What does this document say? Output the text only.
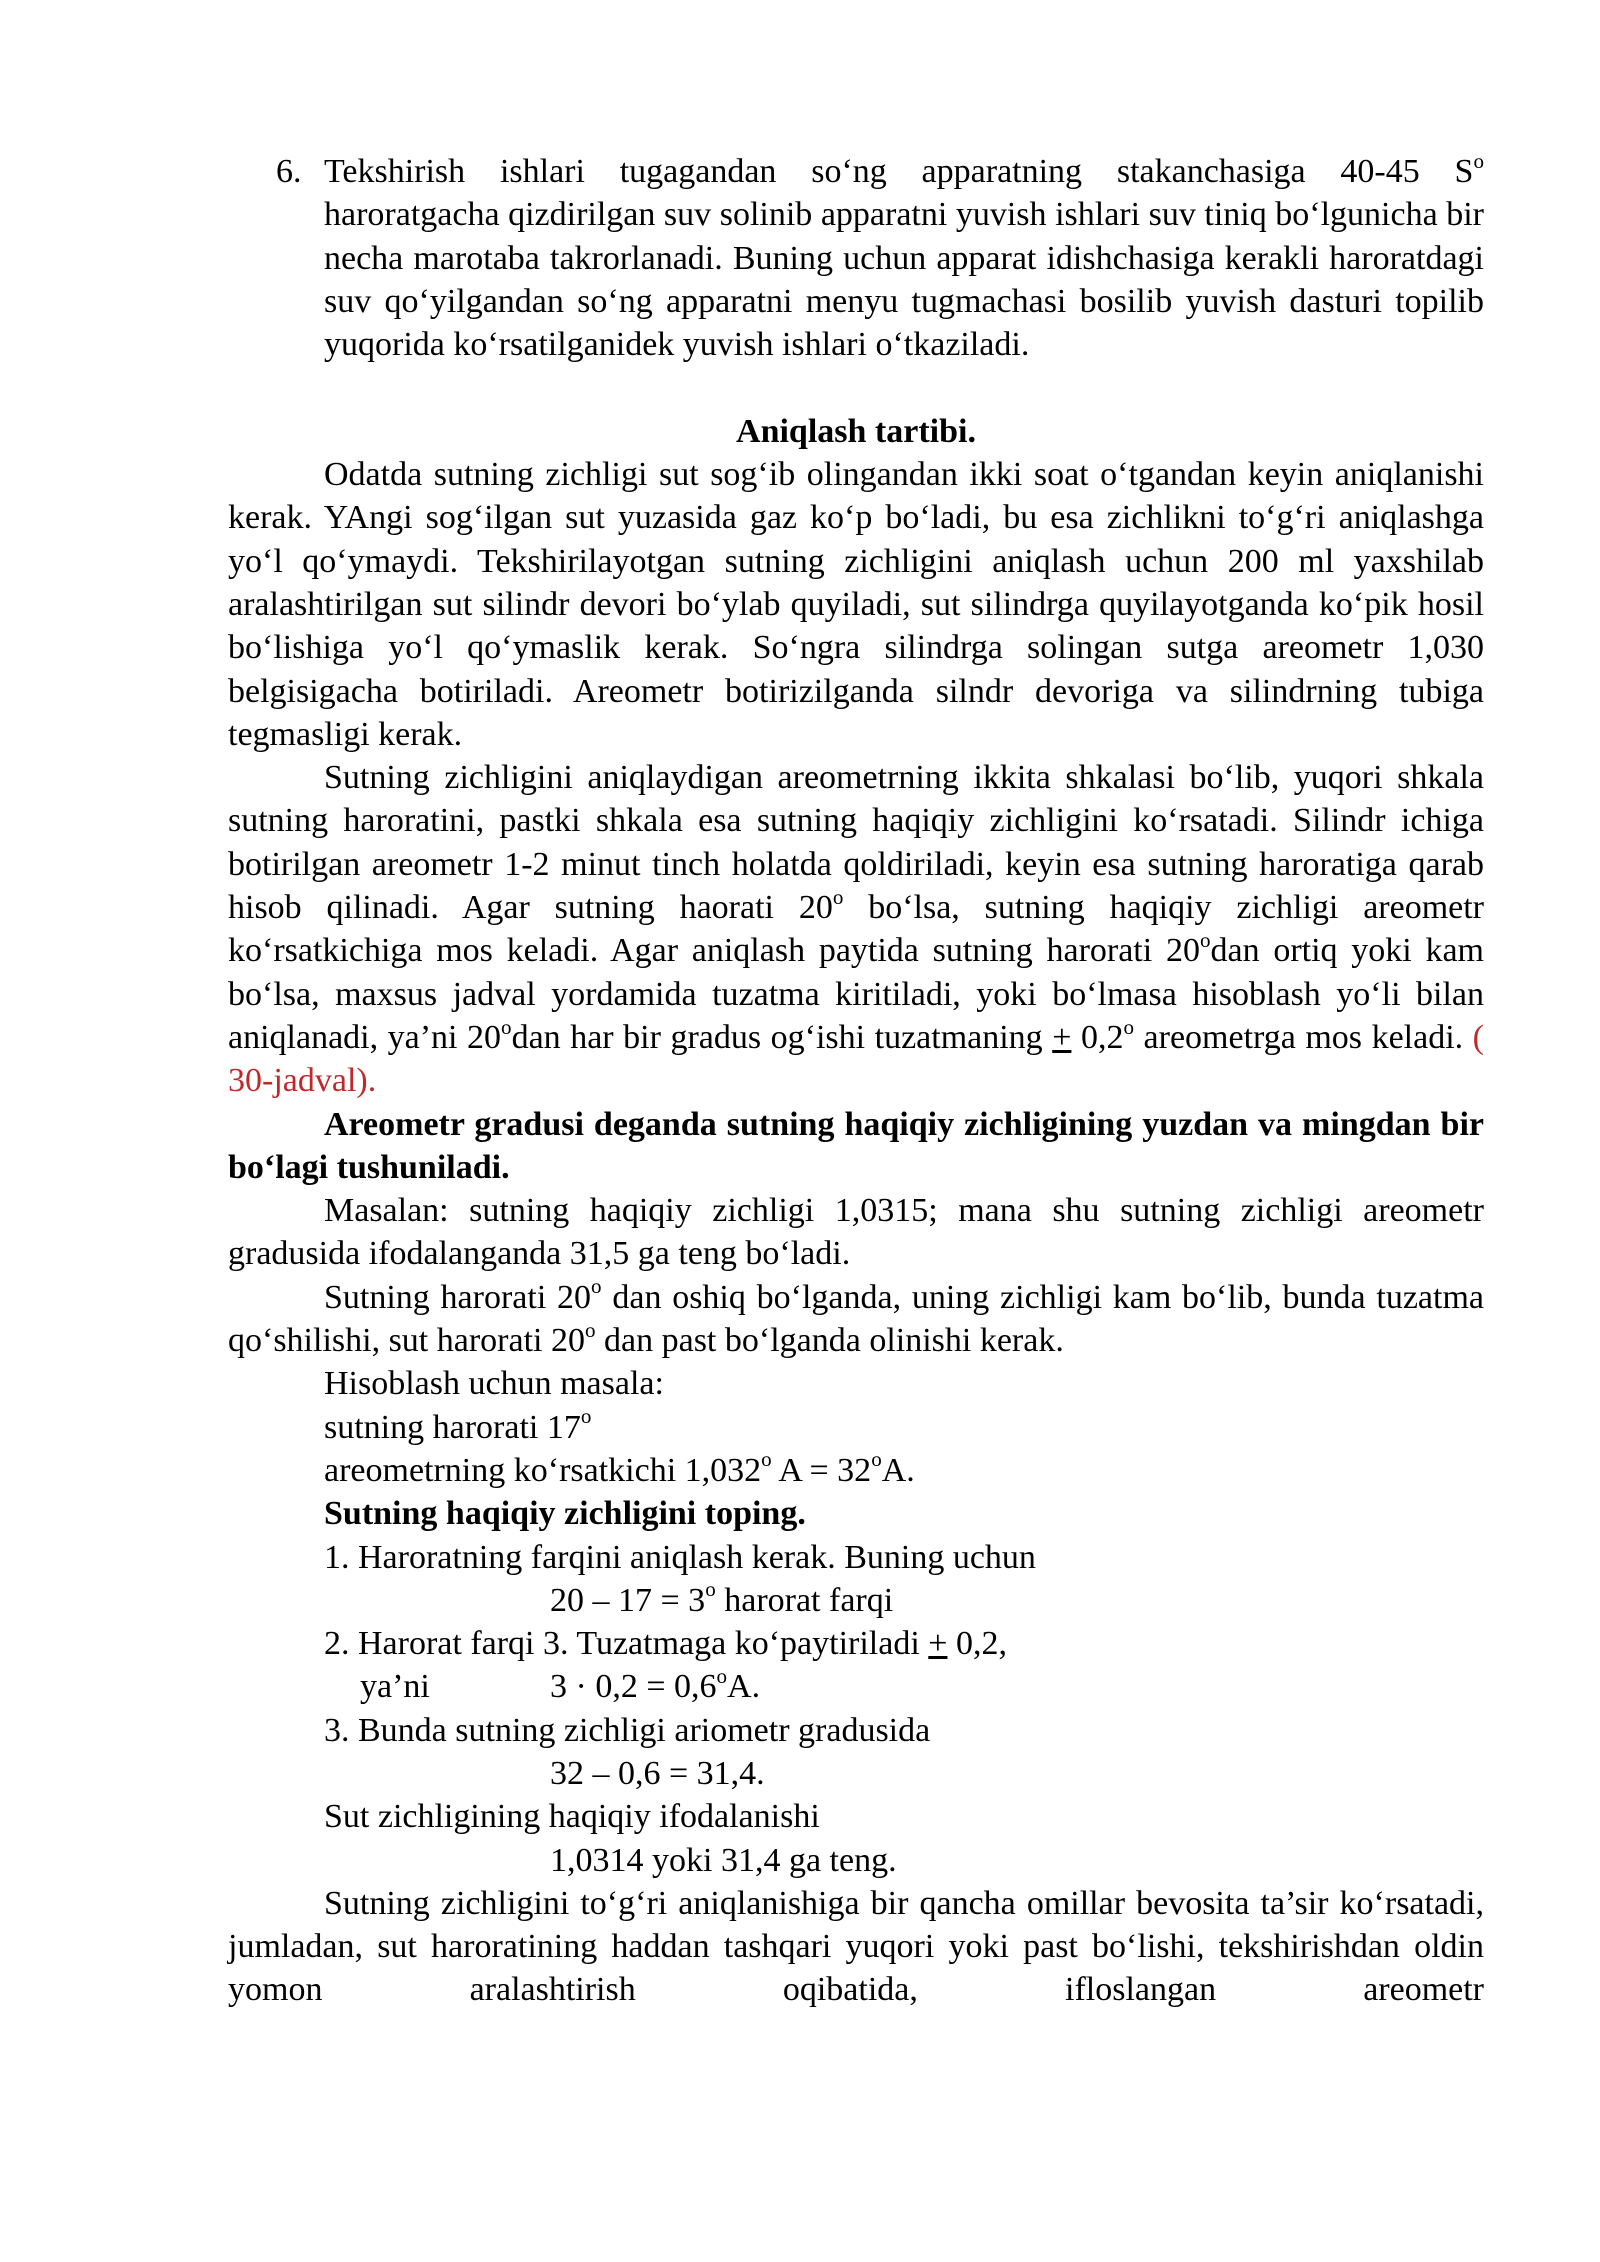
6. Tekshirish ishlari tugagandan so‘ng apparatning stakanchasiga 40-45 $S^o$ haroratgacha qizdirilgan suv solinib apparatni yuvish ishlari suv tiniq bo‘lgunicha bir necha marotaba takrorlanadi. Buning uchun apparat idishchasiga kerakli haroratdagi suv qo‘yilgandan so‘ng apparatni menyu tugmachasi bosilib yuvish dasturi topilib yuqorida ko‘rsatilganidek yuvish ishlari o‘tkaziladi.
Aniqlash tartibi.
Odatda sutning zichligi sut sog‘ib olingandan ikki soat o‘tgandan keyin aniqlanishi kerak. YAngi sog‘ilgan sut yuzasida gaz ko‘p bo‘ladi, bu esa zichlikni to‘g‘ri aniqlashga yo‘l qo‘ymaydi. Tekshirilayotgan sutning zichligini aniqlash uchun 200 ml yaxshilab aralashtirilgan sut silindr devori bo‘ylab quyiladi, sut silindrga quyilayotganda ko‘pik hosil bo‘lishiga yo‘l qo‘ymaslik kerak. So‘ngra silindrga solingan sutga areometr 1,030 belgisigacha botiriladi. Areometr botirizilganda silndr devoriga va silindrning tubiga tegmasligi kerak.
Sutning zichligini aniqlaydigan areometrning ikkita shkalasi bo‘lib, yuqori shkala sutning haroratini, pastki shkala esa sutning haqiqiy zichligini ko‘rsatadi. Silindr ichiga botirilgan areometr 1-2 minut tinch holatda qoldiriladi, keyin esa sutning haroratiga qarab hisob qilinadi. Agar sutning haorati 20$^o$ bo‘lsa, sutning haqiqiy zichligi areometr ko‘rsatkichiga mos keladi. Agar aniqlash paytida sutning harorati 20$^o$dan ortiq yoki kam bo‘lsa, maxsus jadval yordamida tuzatma kiritiladi, yoki bo‘lmasa hisoblash yo‘li bilan aniqlanadi, ya’ni 20$^o$dan har bir gradus og‘ishi tuzatmaning + $0,2^o$ areometrga mos keladi. ( 30-jadval).
Areometr gradusi deganda sutning haqiqiy zichligining yuzdan va mingdan bir bo‘lagi tushuniladi.
Masalan: sutning haqiqiy zichligi 1,0315; mana shu sutning zichligi areometr gradusida ifodalanganda 31,5 ga teng bo‘ladi.
Sutning harorati 20$^o$ dan oshiq bo‘lganda, uning zichligi kam bo‘lib, bunda tuzatma qo‘shilishi, sut harorati 20$^o$ dan past bo‘lganda olinishi kerak.
Hisoblash uchun masala:
sutning harorati 17$^o$
areometrning ko‘rsatkichi 1,032$^o$ $A = 32^oA$.
Sutning haqiqiy zichligini toping.
1. Haroratning farqini aniqlash kerak. Buning uchun
$20 - 17 = 3^o$ harorat farqi
2. Harorat farqi 3. Tuzatmaga ko‘paytiriladi + 0,2,
ya’ni	$3 \cdot 0,2 = 0,6^oA$.
3. Bunda sutning zichligi ariometr gradusida
32 – 0,6 = 31,4.
Sut zichligining haqiqiy ifodalanishi
1,0314 yoki 31,4 ga teng.
Sutning zichligini to‘g‘ri aniqlanishiga bir qancha omillar bevosita ta’sir ko‘rsatadi, jumladan, sut haroratining haddan tashqari yuqori yoki past bo‘lishi, tekshirishdan oldin yomon aralashtirish oqibatida, ifloslangan areometr
